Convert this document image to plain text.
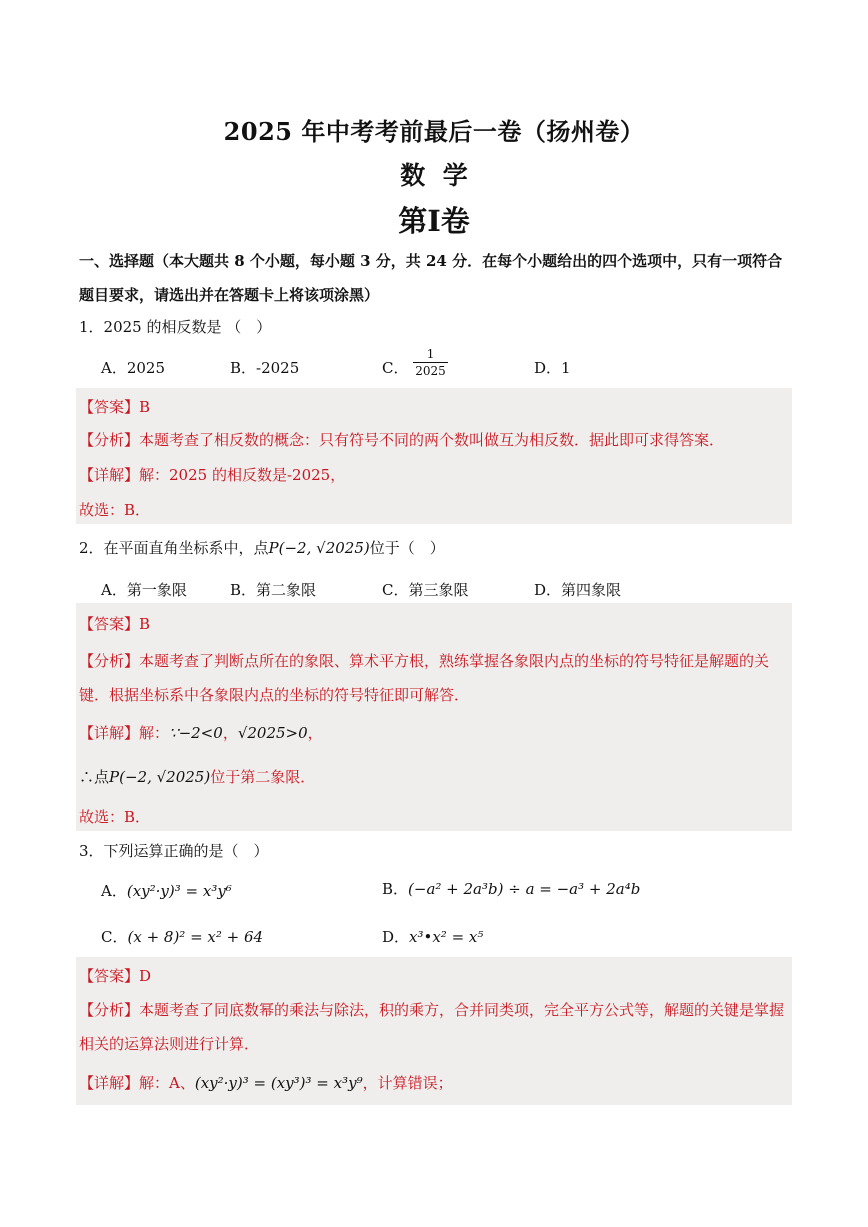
2025 年中考考前最后一卷（扬州卷）
数  学
第I卷
一、选择题（本大题共 8 个小题，每小题 3 分，共 24 分．在每个小题给出的四个选项中，只有一项符合题目要求，请选出并在答题卡上将该项涂黑）
1．2025 的相反数是 （　）
A．2025	B．-2025	C． $\frac{1}{2025}$	D．1
【答案】B
【分析】本题考查了相反数的概念：只有符号不同的两个数叫做互为相反数．据此即可求得答案．
【详解】解：2025 的相反数是-2025，
故选：B．
2．在平面直角坐标系中，点P(−2, √2025)位于（　）
A．第一象限	B．第二象限	C．第三象限	D．第四象限
【答案】B
【分析】本题考查了判断点所在的象限、算术平方根，熟练掌握各象限内点的坐标的符号特征是解题的关键．根据坐标系中各象限内点的坐标的符号特征即可解答．
【详解】解：∵−2<0，√2025>0，
∴点P(−2, √2025)位于第二象限．
故选：B．
3．下列运算正确的是（　）
A．(xy²·y)³ = x³y⁶	B．(−a² + 2a³b) ÷ a = −a³ + 2a⁴b
C．(x + 8)² = x² + 64	D．x³•x² = x⁵
【答案】D
【分析】本题考查了同底数幂的乘法与除法，积的乘方，合并同类项，完全平方公式等，解题的关键是掌握相关的运算法则进行计算．
【详解】解：A、(xy²·y)³ = (xy³)³ = x³y⁹，计算错误；
